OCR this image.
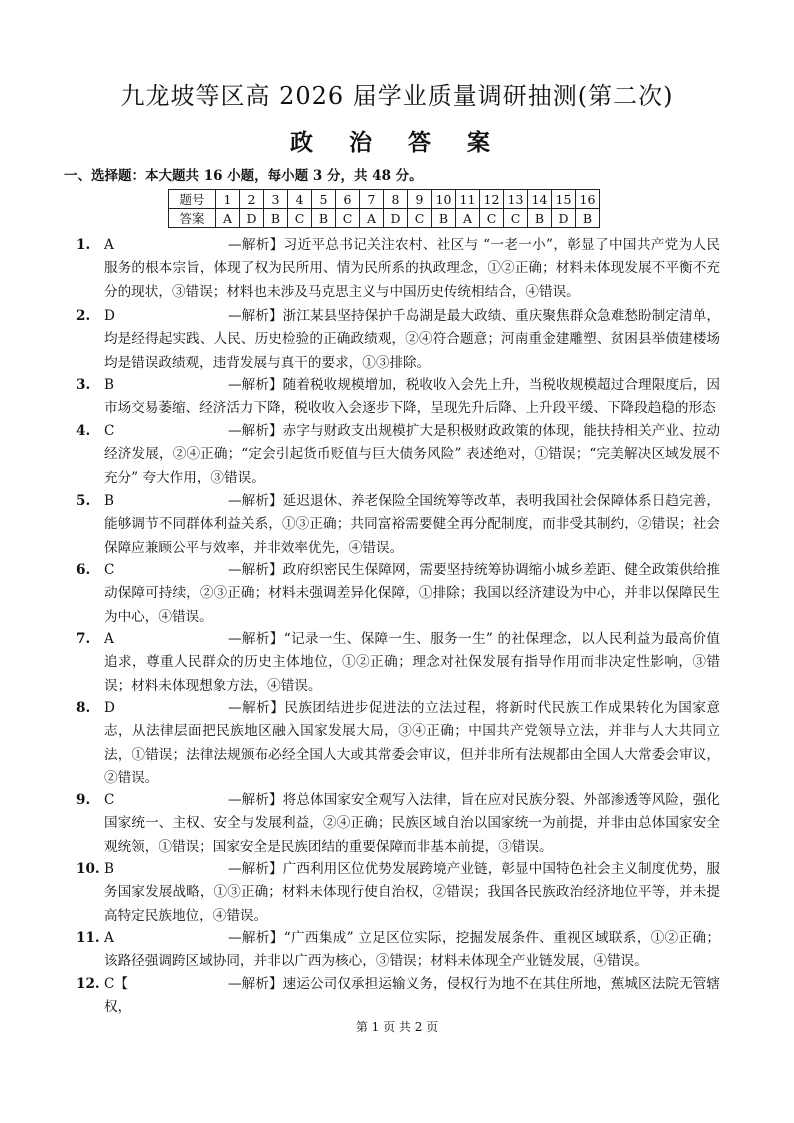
九龙坡等区高 2026 届学业质量调研抽测(第二次)
政 治 答 案
一、选择题：本大题共 16 小题，每小题 3 分，共 48 分。
题号	1	2	3	4	5	6	7	8	9	10	11	12	13	14	15	16
答案	A	D	B	C	B	C	A	D	C	B	A	C	C	B	D	B
1. A	—解析】习近平总书记关注农村、社区与 “一老一小”，彰显了中国共产党为人民服务的根本宗旨，体现了权为民所用、情为民所系的执政理念，①②正确；材料未体现发展不平衡不充分的现状，③错误；材料也未涉及马克思主义与中国历史传统相结合，④错误。
2. D	—解析】浙江某县坚持保护千岛湖是最大政绩、重庆聚焦群众急难愁盼制定清单，均是经得起实践、人民、历史检验的正确政绩观，②④符合题意；河南重金建雕塑、贫困县举债建楼场均是错误政绩观，违背发展与真干的要求，①③排除。
3. B	—解析】随着税收规模增加，税收收入会先上升，当税收规模超过合理限度后，因市场交易萎缩、经济活力下降，税收收入会逐步下降，呈现先升后降、上升段平缓、下降段趋稳的形态
4. C	—解析】赤字与财政支出规模扩大是积极财政政策的体现，能扶持相关产业、拉动经济发展，②④正确；“定会引起货币贬值与巨大债务风险” 表述绝对，①错误；“完美解决区域发展不充分” 夸大作用，③错误。
5. B	—解析】延迟退休、养老保险全国统筹等改革，表明我国社会保障体系日趋完善，能够调节不同群体利益关系，①③正确；共同富裕需要健全再分配制度，而非受其制约，②错误；社会保障应兼顾公平与效率，并非效率优先，④错误。
6. C	—解析】政府织密民生保障网，需要坚持统筹协调缩小城乡差距、健全政策供给推动保障可持续，②③正确；材料未强调差异化保障，①排除；我国以经济建设为中心，并非以保障民生为中心，④错误。
7. A	—解析】“记录一生、保障一生、服务一生” 的社保理念，以人民利益为最高价值追求，尊重人民群众的历史主体地位，①②正确；理念对社保发展有指导作用而非决定性影响，③错误；材料未体现想象方法，④错误。
8. D	—解析】民族团结进步促进法的立法过程，将新时代民族工作成果转化为国家意志，从法律层面把民族地区融入国家发展大局，③④正确；中国共产党领导立法，并非与人大共同立法，①错误；法律法规颁布必经全国人大或其常委会审议，但并非所有法规都由全国人大常委会审议，②错误。
9. C	—解析】将总体国家安全观写入法律，旨在应对民族分裂、外部渗透等风险，强化国家统一、主权、安全与发展利益，②④正确；民族区域自治以国家统一为前提，并非由总体国家安全观统领，①错误；国家安全是民族团结的重要保障而非基本前提，③错误。
10. B	—解析】广西利用区位优势发展跨境产业链，彰显中国特色社会主义制度优势，服务国家发展战略，①③正确；材料未体现行使自治权，②错误；我国各民族政治经济地位平等，并未提高特定民族地位，④错误。
11. A	—解析】“广西集成” 立足区位实际，挖掘发展条件、重视区域联系，①②正确；该路径强调跨区域协同，并非以广西为核心，③错误；材料未体现全产业链发展，④错误。
12. C【	—解析】速运公司仅承担运输义务，侵权行为地不在其住所地，蕉城区法院无管辖权，
第 1 页 共 2 页
